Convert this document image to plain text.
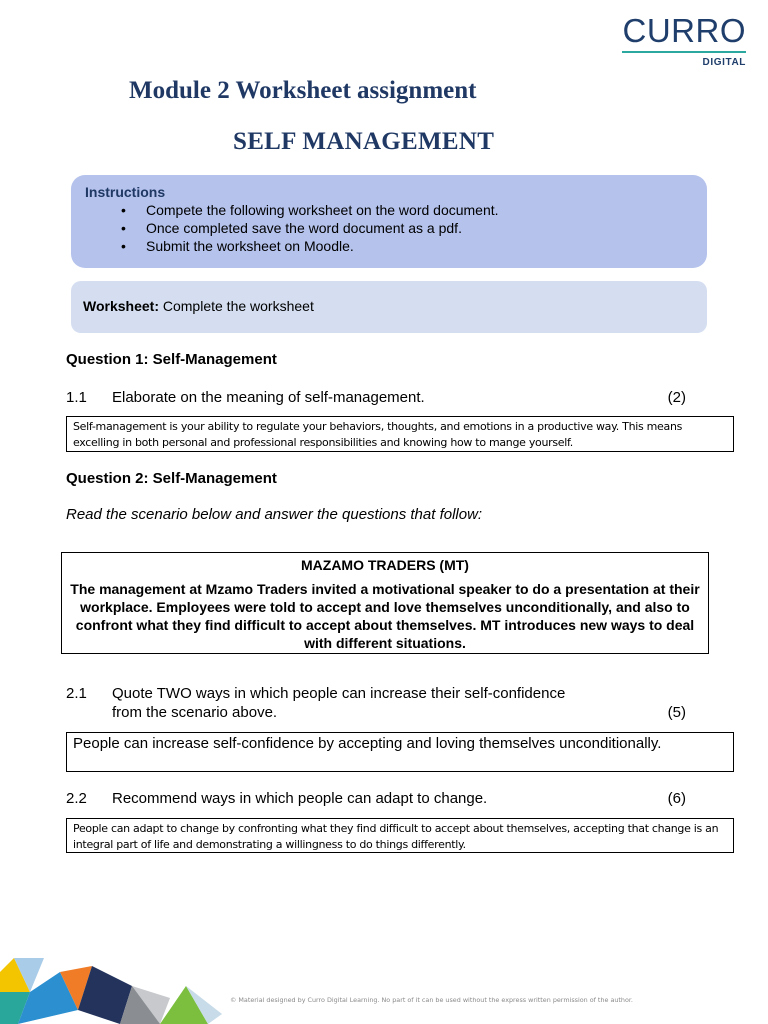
CURRO
DIGITAL
Module 2 Worksheet assignment
SELF MANAGEMENT
Instructions
• Compete the following worksheet on the word document.
• Once completed save the word document as a pdf.
• Submit the worksheet on Moodle.
Worksheet: Complete the worksheet
Question 1: Self-Management
1.1 Elaborate on the meaning of self-management.	(2)
Self-management is your ability to regulate your behaviors, thoughts, and emotions in a productive way. This means excelling in both personal and professional responsibilities and knowing how to mange yourself.
Question 2: Self-Management
Read the scenario below and answer the questions that follow:
MAZAMO TRADERS (MT)
The management at Mzamo Traders invited a motivational speaker to do a presentation at their workplace. Employees were told to accept and love themselves unconditionally, and also to confront what they find difficult to accept about themselves. MT introduces new ways to deal with different situations.
2.1 Quote TWO ways in which people can increase their self-confidence
from the scenario above.	(5)
People can increase self-confidence by accepting and loving themselves unconditionally.
2.2 Recommend ways in which people can adapt to change.	(6)
People can adapt to change by confronting what they find difficult to accept about themselves, accepting that change is an integral part of life and demonstrating a willingness to do things differently.
© Material designed by Curro Digital Learning. No part of it can be used without the express written permission of the author.
